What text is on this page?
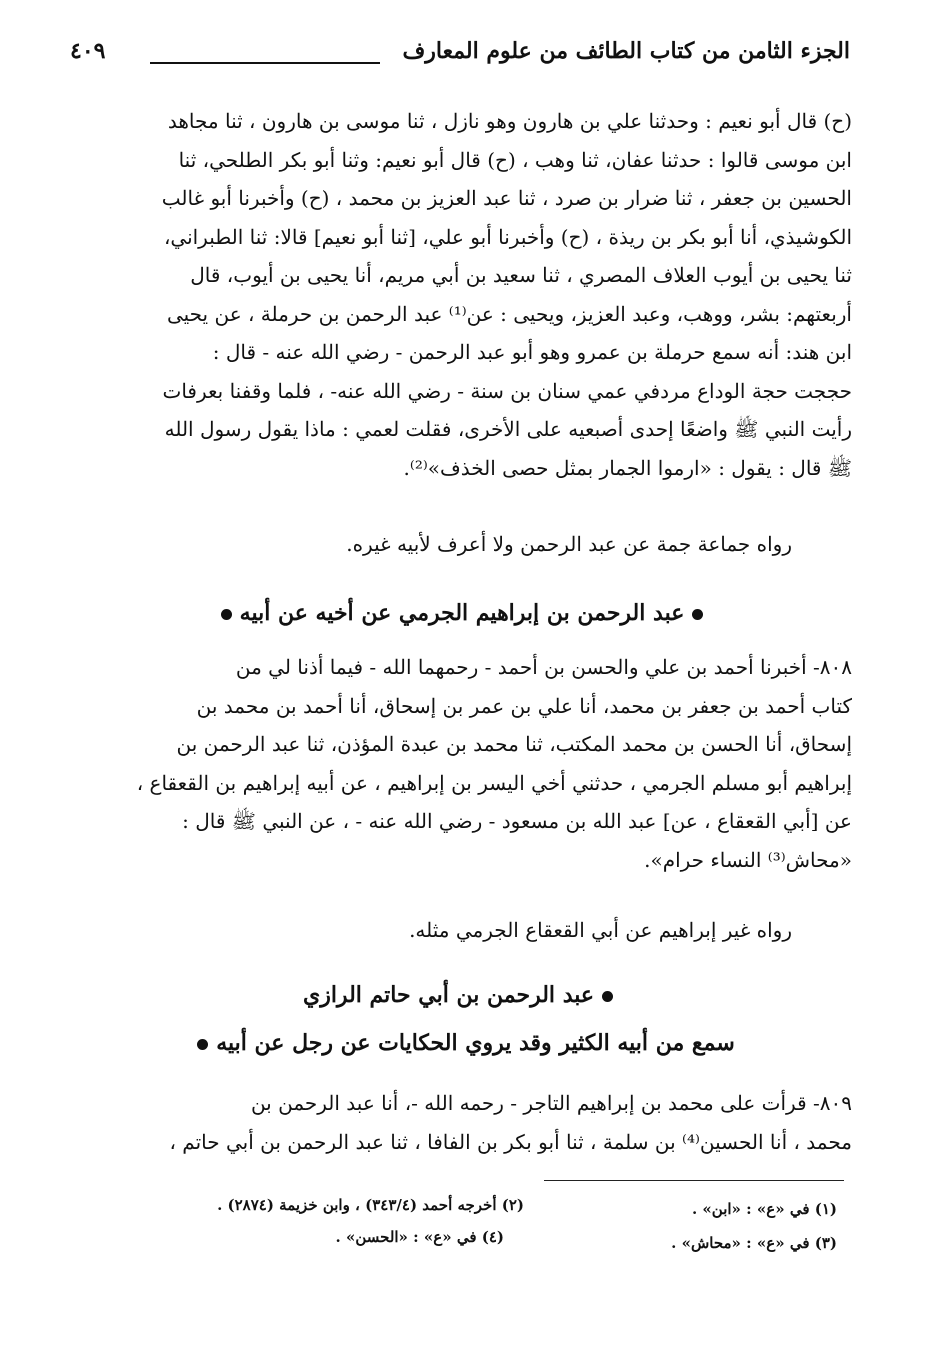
الجزء الثامن من كتاب الطائف من علوم المعارف
٤٠٩
(ح) قال أبو نعيم : وحدثنا علي بن هارون وهو نازل ، ثنا موسى بن هارون ، ثنا مجاهد
ابن موسى قالوا : حدثنا عفان، ثنا وهب ، (ح) قال أبو نعيم: وثنا أبو بكر الطلحي، ثنا
الحسين بن جعفر ، ثنا ضرار بن صرد ، ثنا عبد العزيز بن محمد ، (ح) وأخبرنا أبو غالب
الكوشيذي، أنا أبو بكر بن ريذة ، (ح) وأخبرنا أبو علي، [ثنا أبو نعيم] قالا: ثنا الطبراني،
ثنا يحيى بن أيوب العلاف المصري ، ثنا سعيد بن أبي مريم، أنا يحيى بن أيوب، قال
أربعتهم: بشر، ووهب، وعبد العزيز، ويحيى : عن⁽¹⁾ عبد الرحمن بن حرملة ، عن يحيى
ابن هند: أنه سمع حرملة بن عمرو وهو أبو عبد الرحمن - رضي الله عنه - قال :
حججت حجة الوداع مردفي عمي سنان بن سنة - رضي الله عنه- ، فلما وقفنا بعرفات
رأيت النبي ﷺ واضعًا إحدى أصبعيه على الأخرى، فقلت لعمي : ماذا يقول رسول الله
ﷺ قال : يقول : «ارموا الجمار بمثل حصى الخذف»⁽²⁾.
رواه جماعة جمة عن عبد الرحمن ولا أعرف لأبيه غيره.
عبد الرحمن بن إبراهيم الجرمي عن أخيه عن أبيه
٨٠٨- أخبرنا أحمد بن علي والحسن بن أحمد - رحمهما الله - فيما أذنا لي من
كتاب أحمد بن جعفر بن محمد، أنا علي بن عمر بن إسحاق، أنا أحمد بن محمد بن
إسحاق، أنا الحسن بن محمد المكتب، ثنا محمد بن عبدة المؤذن، ثنا عبد الرحمن بن
إبراهيم أبو مسلم الجرمي ، حدثني أخي اليسر بن إبراهيم ، عن أبيه إبراهيم بن القعقاع ،
عن [أبي القعقاع ، عن] عبد الله بن مسعود - رضي الله عنه - ، عن النبي ﷺ قال :
«محاش⁽³⁾ النساء حرام».
رواه غير إبراهيم عن أبي القعقاع الجرمي مثله.
عبد الرحمن بن أبي حاتم الرازي
سمع من أبيه الكثير وقد يروي الحكايات عن رجل عن أبيه
٨٠٩- قرأت على محمد بن إبراهيم التاجر - رحمه الله -، أنا عبد الرحمن بن
محمد ، أنا الحسين⁽⁴⁾ بن سلمة ، ثنا أبو بكر بن الفافا ، ثنا عبد الرحمن بن أبي حاتم ،
(١) في «ع» : «ابن» .
(٢) أخرجه أحمد (٣٤٣/٤) ، وابن خزيمة (٢٨٧٤) .
(٣) في «ع» : «محاش» .
(٤) في «ع» : «الحسن» .
